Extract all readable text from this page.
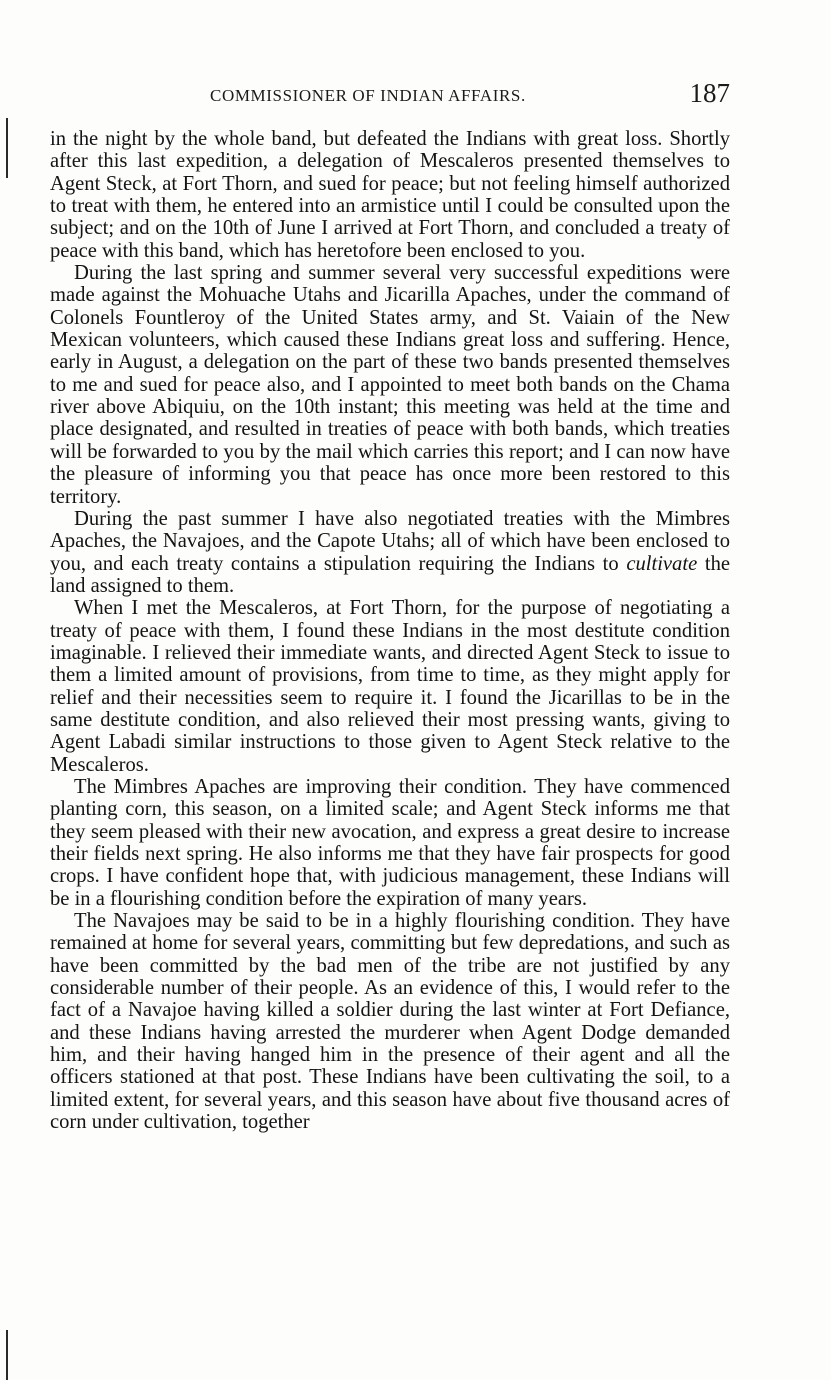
COMMISSIONER OF INDIAN AFFAIRS.	187

in the night by the whole band, but defeated the Indians with great loss. Shortly after this last expedition, a delegation of Mescaleros presented themselves to Agent Steck, at Fort Thorn, and sued for peace; but not feeling himself authorized to treat with them, he entered into an armistice until I could be consulted upon the subject; and on the 10th of June I arrived at Fort Thorn, and concluded a treaty of peace with this band, which has heretofore been enclosed to you.

During the last spring and summer several very successful expeditions were made against the Mohuache Utahs and Jicarilla Apaches, under the command of Colonels Fountleroy of the United States army, and St. Vaiain of the New Mexican volunteers, which caused these Indians great loss and suffering. Hence, early in August, a delegation on the part of these two bands presented themselves to me and sued for peace also, and I appointed to meet both bands on the Chama river above Abiquiu, on the 10th instant; this meeting was held at the time and place designated, and resulted in treaties of peace with both bands, which treaties will be forwarded to you by the mail which carries this report; and I can now have the pleasure of informing you that peace has once more been restored to this territory.

During the past summer I have also negotiated treaties with the Mimbres Apaches, the Navajoes, and the Capote Utahs; all of which have been enclosed to you, and each treaty contains a stipulation requiring the Indians to cultivate the land assigned to them.

When I met the Mescaleros, at Fort Thorn, for the purpose of negotiating a treaty of peace with them, I found these Indians in the most destitute condition imaginable. I relieved their immediate wants, and directed Agent Steck to issue to them a limited amount of provisions, from time to time, as they might apply for relief and their necessities seem to require it. I found the Jicarillas to be in the same destitute condition, and also relieved their most pressing wants, giving to Agent Labadi similar instructions to those given to Agent Steck relative to the Mescaleros.

The Mimbres Apaches are improving their condition. They have commenced planting corn, this season, on a limited scale; and Agent Steck informs me that they seem pleased with their new avocation, and express a great desire to increase their fields next spring. He also informs me that they have fair prospects for good crops. I have confident hope that, with judicious management, these Indians will be in a flourishing condition before the expiration of many years.

The Navajoes may be said to be in a highly flourishing condition. They have remained at home for several years, committing but few depredations, and such as have been committed by the bad men of the tribe are not justified by any considerable number of their people. As an evidence of this, I would refer to the fact of a Navajoe having killed a soldier during the last winter at Fort Defiance, and these Indians having arrested the murderer when Agent Dodge demanded him, and their having hanged him in the presence of their agent and all the officers stationed at that post. These Indians have been cultivating the soil, to a limited extent, for several years, and this season have about five thousand acres of corn under cultivation, together
